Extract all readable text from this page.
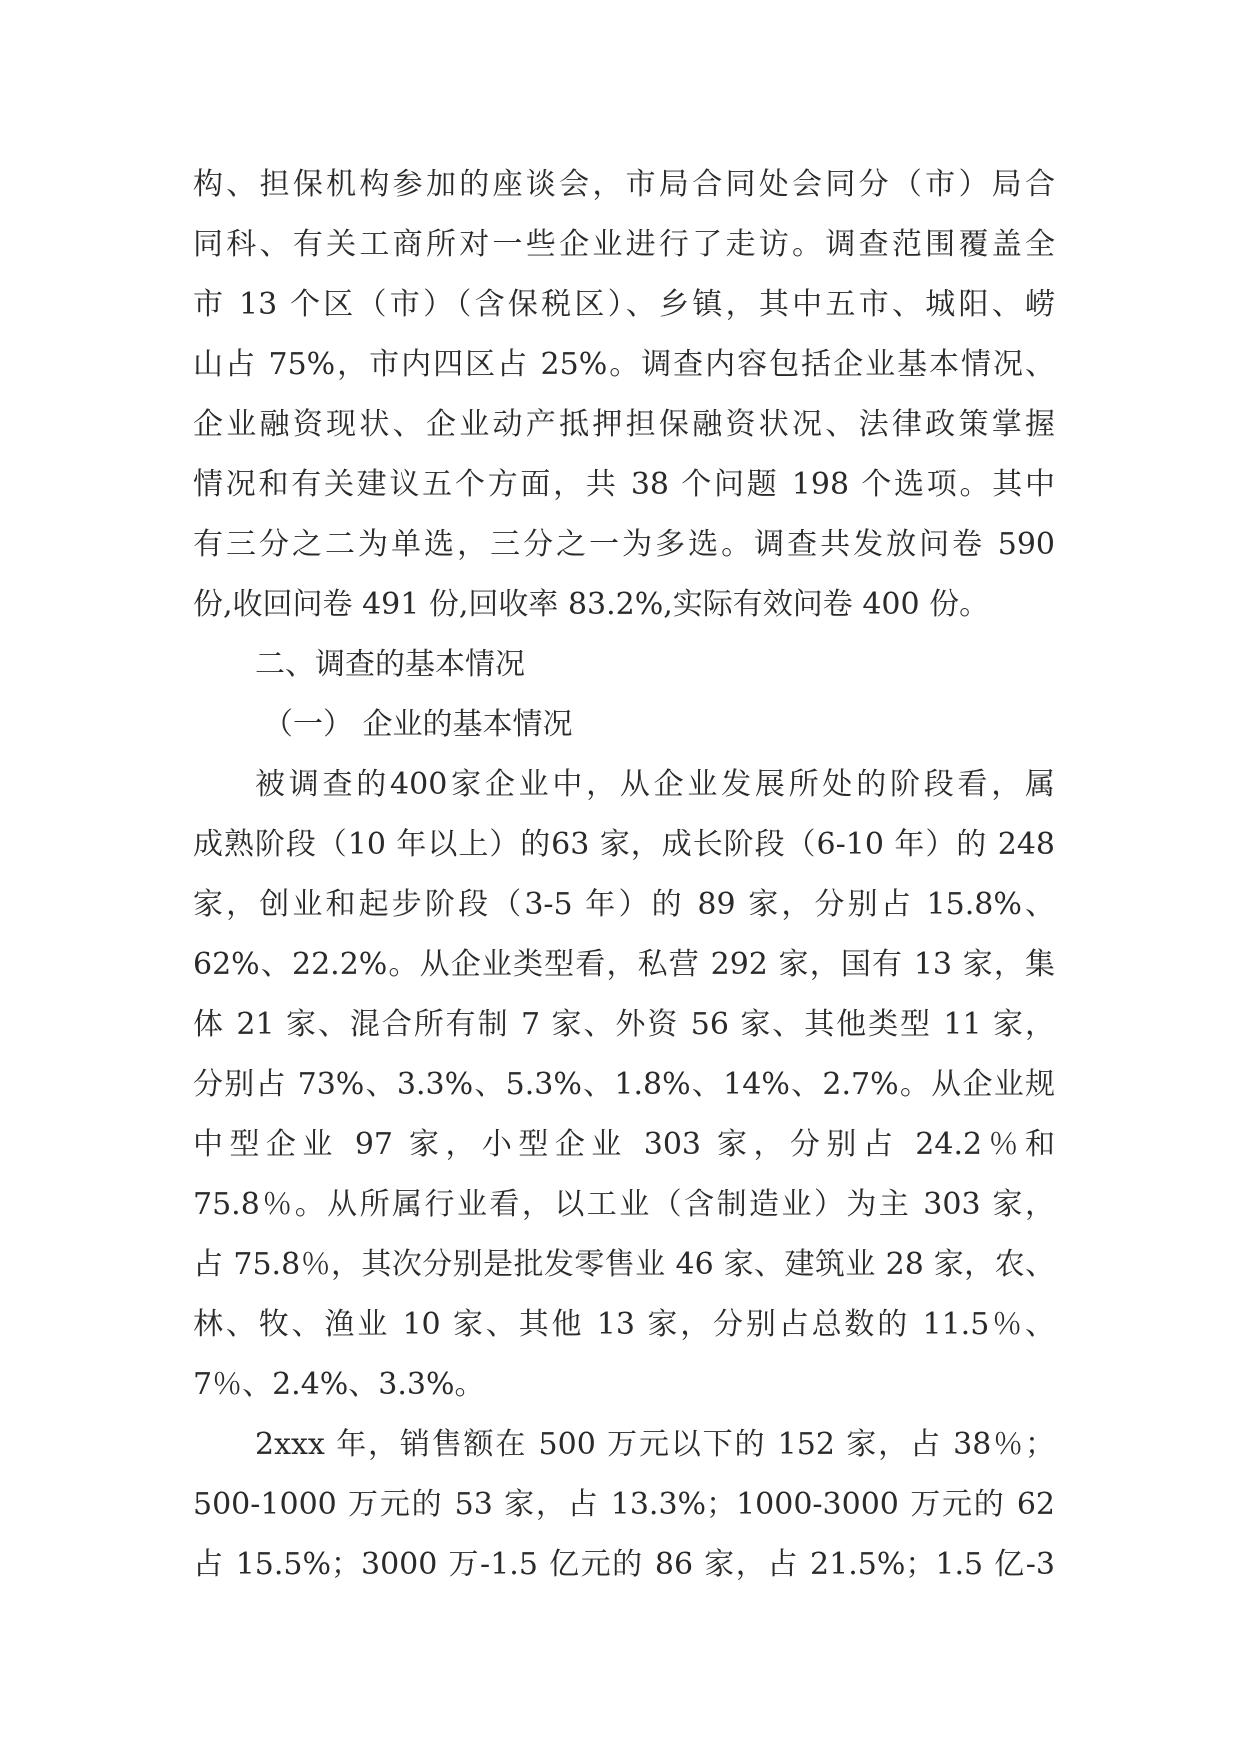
构、担保机构参加的座谈会，市局合同处会同分（市）局合
同科、有关工商所对一些企业进行了走访。调查范围覆盖全
市 13 个区（市）（含保税区）、乡镇，其中五市、城阳、崂
山占 75%，市内四区占 25%。调查内容包括企业基本情况、
企业融资现状、企业动产抵押担保融资状况、法律政策掌握
情况和有关建议五个方面，共 38 个问题 198 个选项。其中
有三分之二为单选，三分之一为多选。调查共发放问卷 590
份,收回问卷 491 份,回收率 83.2%,实际有效问卷 400 份。
二、调查的基本情况
（一） 企业的基本情况
被调查的400家企业中，从企业发展所处的阶段看，属
成熟阶段（10 年以上）的63 家，成长阶段（6-10 年）的 248
家，创业和起步阶段（3-5 年）的 89 家，分别占 15.8%、
62%、22.2%。从企业类型看，私营 292 家，国有 13 家，集
体 21 家、混合所有制 7 家、外资 56 家、其他类型 11 家，
分别占 73%、3.3%、5.3%、1.8%、14%、2.7%。从企业规
中型企业 97 家，小型企业 303 家，分别占 24.2％和
75.8％。从所属行业看，以工业（含制造业）为主 303 家，
占 75.8％，其次分别是批发零售业 46 家、建筑业 28 家，农、
林、牧、渔业 10 家、其他 13 家，分别占总数的 11.5％、
7％、2.4%、3.3%。
2xxx 年，销售额在 500 万元以下的 152 家，占 38％；
500-1000 万元的 53 家，占 13.3%；1000-3000 万元的 62
占 15.5%；3000 万-1.5 亿元的 86 家，占 21.5%；1.5 亿-3
